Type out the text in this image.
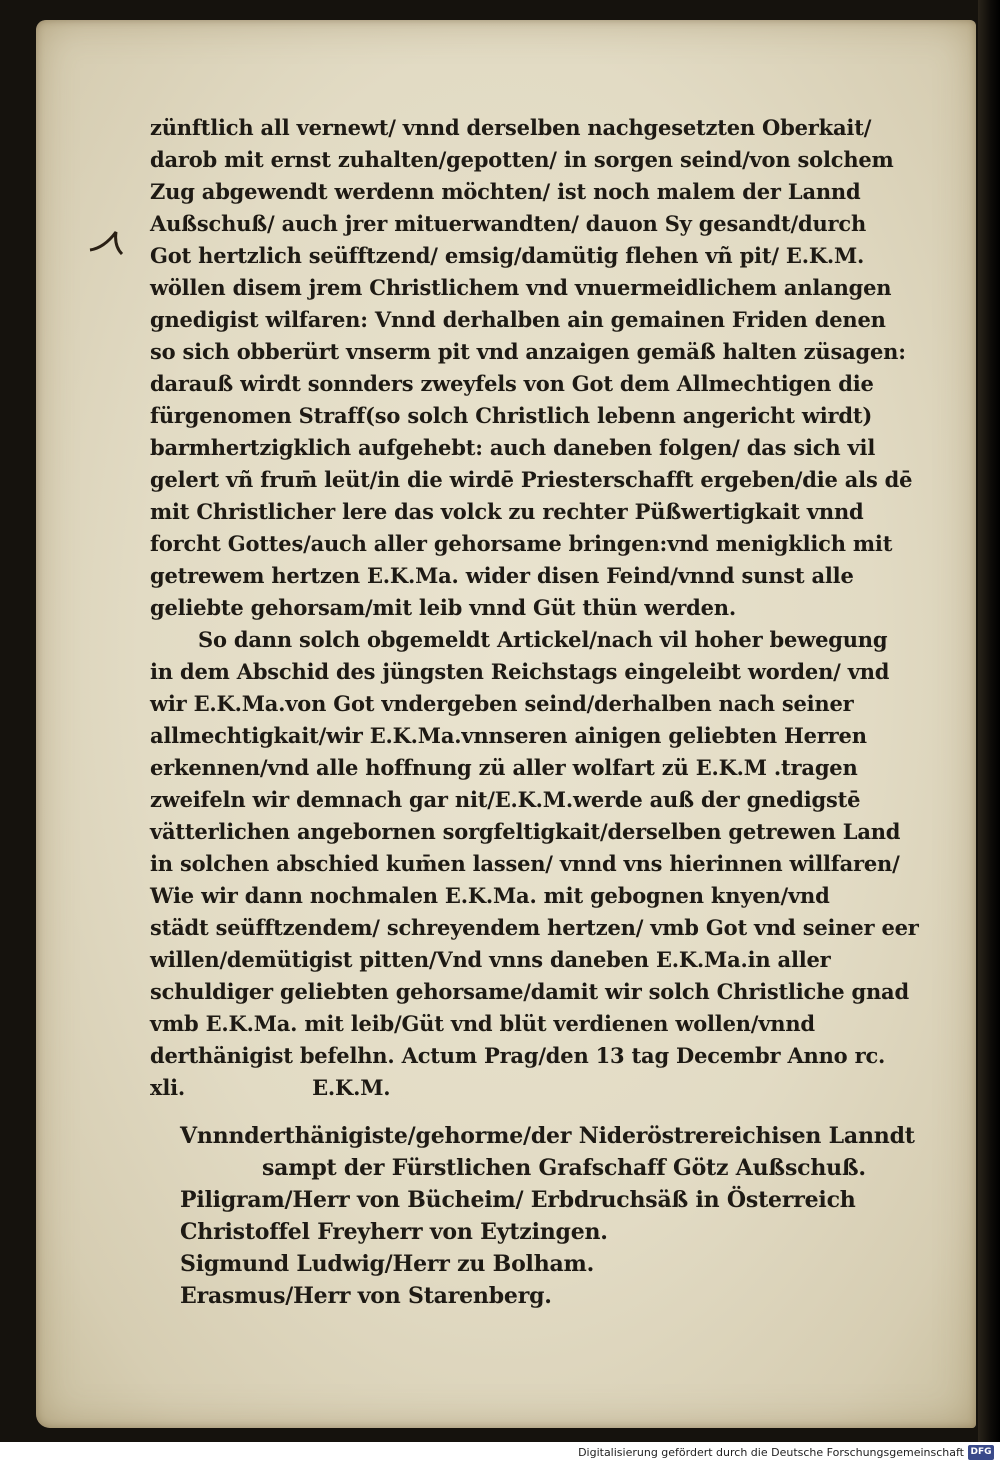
zünftlich all vernewt/ vnnd derselben nachgesetzten Oberkait/
darob mit ernst zuhalten/gepotten/ in sorgen seind/von solchem
Zug abgewendt werdenn möchten/ ist noch malem der Lannd
Außschuß/ auch jrer mituerwandten/ dauon Sy gesandt/durch
Got hertzlich seüfftzend/ emsig/damütig flehen vñ pit/ E.K.M.
wöllen disem jrem Christlichem vnd vnuermeidlichem anlangen
gnedigist wilfaren: Vnnd derhalben ain gemainen Friden denen
so sich obberürt vnserm pit vnd anzaigen gemäß halten züsagen:
darauß wirdt sonnders zweyfels von Got dem Allmechtigen die
fürgenomen Straff(so solch Christlich lebenn angericht wirdt)
barmhertzigklich aufgehebt: auch daneben folgen/ das sich vil
gelert vñ frum̄ leüt/in die wirdē Priesterschafft ergeben/die als dē
mit Christlicher lere das volck zu rechter Püßwertigkait vnnd
forcht Gottes/auch aller gehorsame bringen:vnd menigklich mit
getrewem hertzen E.K.Ma. wider disen Feind/vnnd sunst alle
geliebte gehorsam/mit leib vnnd Güt thün werden.
So dann solch obgemeldt Artickel/nach vil hoher bewegung
in dem Abschid des jüngsten Reichstags eingeleibt worden/ vnd
wir E.K.Ma.von Got vndergeben seind/derhalben nach seiner
allmechtigkait/wir E.K.Ma.vnnseren ainigen geliebten Herren
erkennen/vnd alle hoffnung zü aller wolfart zü E.K.M .tragen
zweifeln wir demnach gar nit/E.K.M.werde auß der gnedigstē
vätterlichen angebornen sorgfeltigkait/derselben getrewen Land
in solchen abschied kum̄en lassen/ vnnd vns hierinnen willfaren/
Wie wir dann nochmalen E.K.Ma. mit gebognen knyen/vnd
städt seüfftzendem/ schreyendem hertzen/ vmb Got vnd seiner eer
willen/demütigist pitten/Vnd vnns daneben E.K.Ma.in aller
schuldiger geliebten gehorsame/damit wir solch Christliche gnad
vmb E.K.Ma. mit leib/Güt vnd blüt verdienen wollen/vnnd
derthänigist befelhn. Actum Prag/den 13 tag Decembr Anno rc.
xli.	E.K.M.
Vnnnderthänigiste/gehorme/der Nideröstrereichisen Lanndt
sampt der Fürstlichen Grafschaff Götz Außschuß.
Piligram/Herr von Bücheim/ Erbdruchsäß in Österreich
Christoffel Freyherr von Eytzingen.
Sigmund Ludwig/Herr zu Bolham.
Erasmus/Herr von Starenberg.
Digitalisierung gefördert durch die Deutsche Forschungsgemeinschaft DFG
